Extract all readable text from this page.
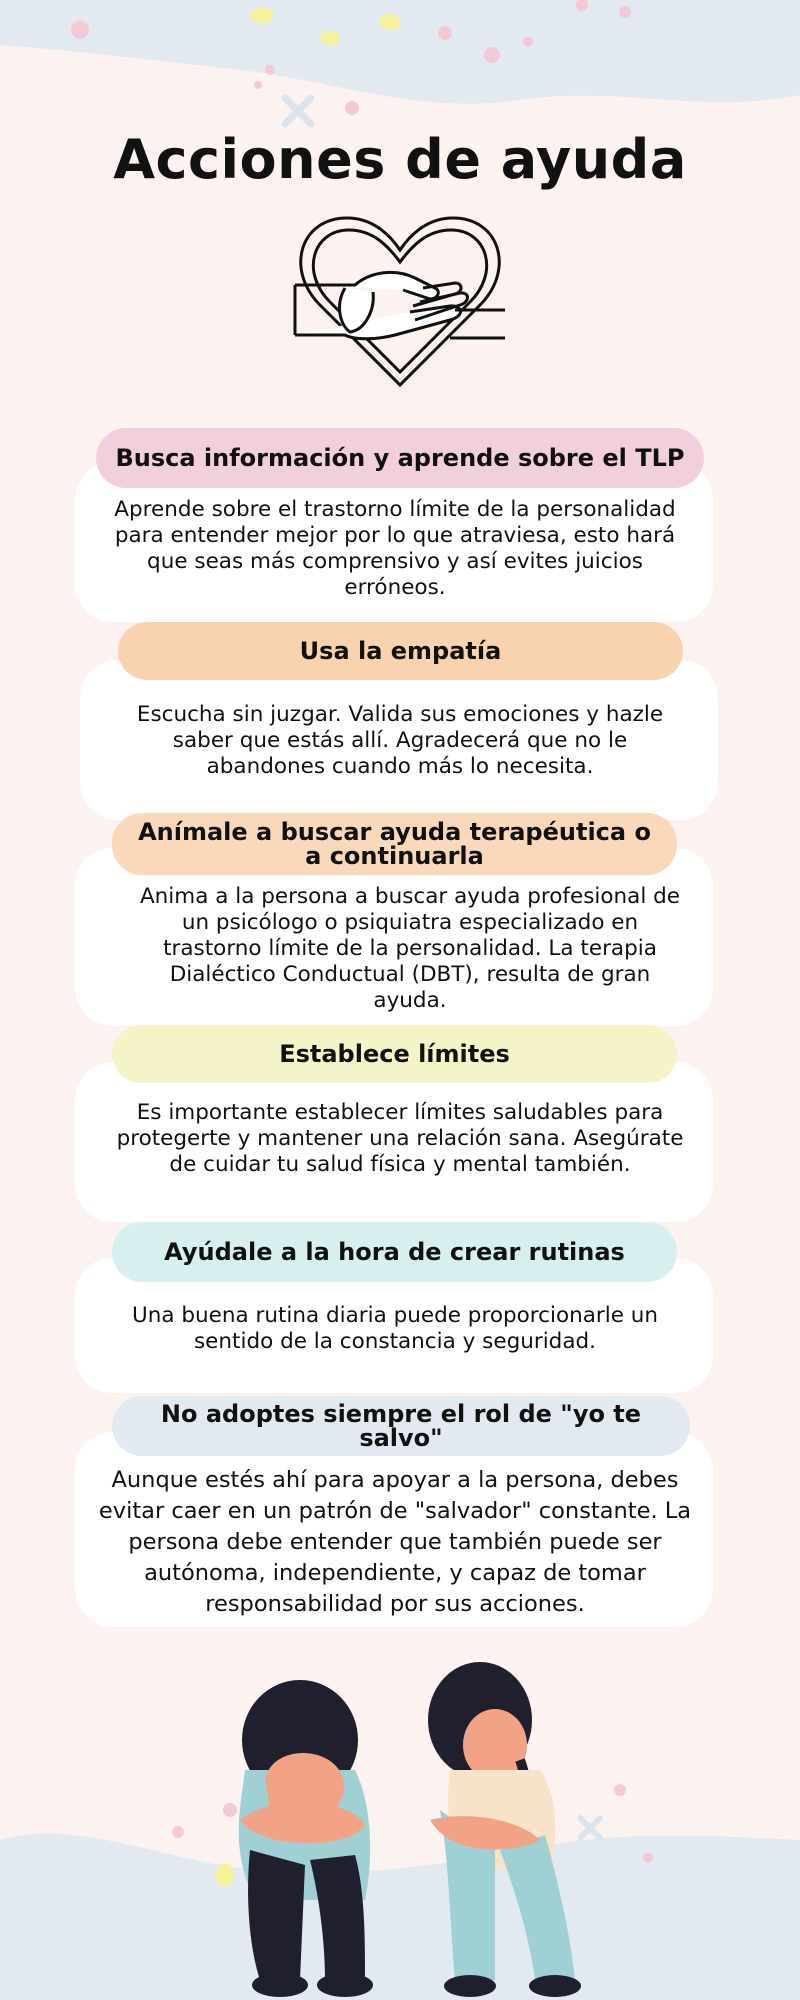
Acciones de ayuda
Busca información y aprende sobre el TLP

Aprende sobre el trastorno límite de la personalidad para entender mejor por lo que atraviesa, esto hará que seas más comprensivo y así evites juicios erróneos.

Usa la empatía

Escucha sin juzgar. Valida sus emociones y hazle saber que estás allí. Agradecerá que no le abandones cuando más lo necesita.

Anímale a buscar ayuda terapéutica o a continuarla

Anima a la persona a buscar ayuda profesional de un psicólogo o psiquiatra especializado en trastorno límite de la personalidad. La terapia Dialéctico Conductual (DBT), resulta de gran ayuda.

Establece límites

Es importante establecer límites saludables para protegerte y mantener una relación sana. Asegúrate de cuidar tu salud física y mental también.

Ayúdale a la hora de crear rutinas

Una buena rutina diaria puede proporcionarle un sentido de la constancia y seguridad.

No adoptes siempre el rol de "yo te salvo"

Aunque estés ahí para apoyar a la persona, debes evitar caer en un patrón de "salvador" constante. La persona debe entender que también puede ser autónoma, independiente, y capaz de tomar responsabilidad por sus acciones.
